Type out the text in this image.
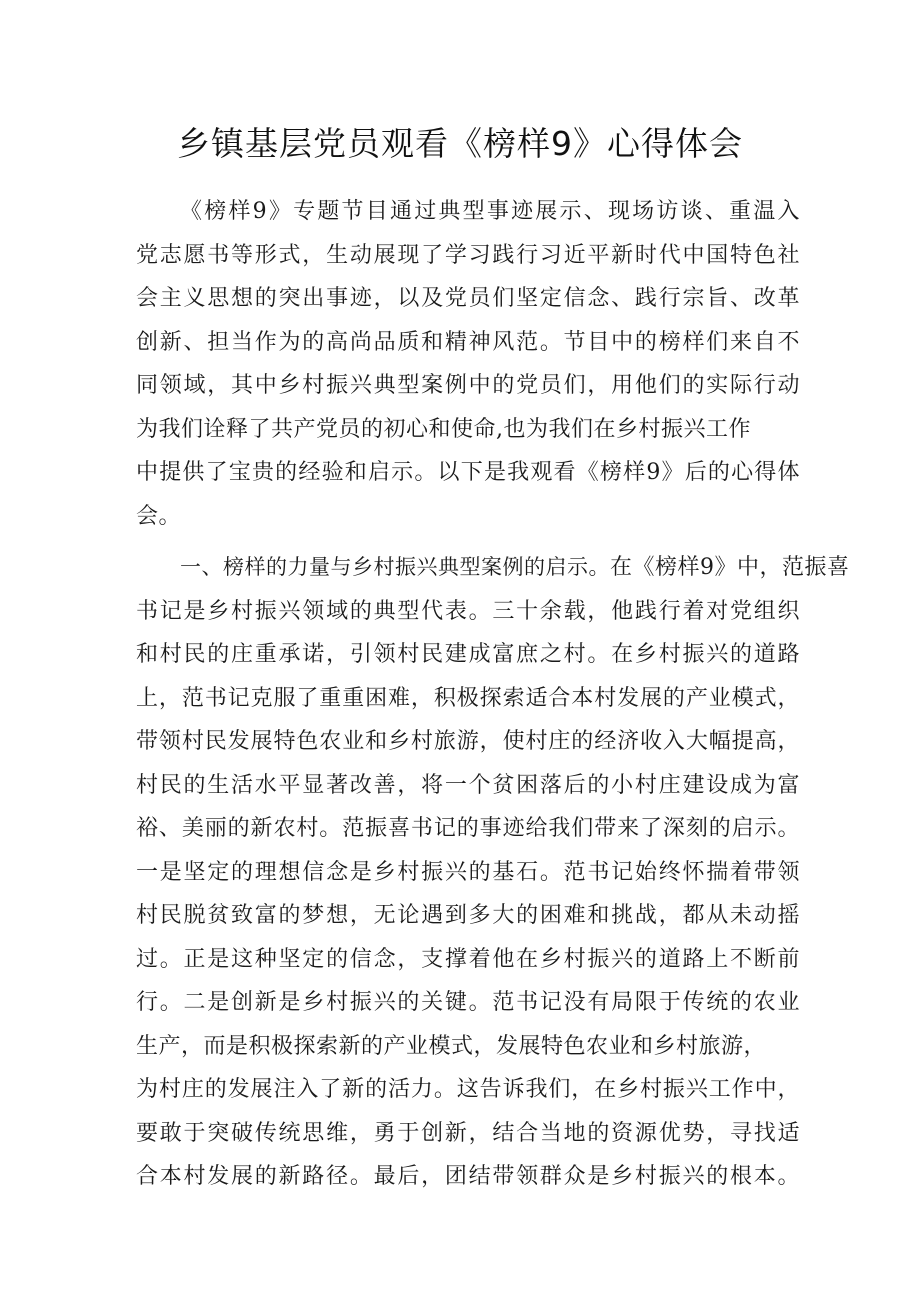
乡镇基层党员观看《榜样9》心得体会
《榜样9》专题节目通过典型事迹展示、现场访谈、重温入
党志愿书等形式，生动展现了学习践行习近平新时代中国特色社
会主义思想的突出事迹，以及党员们坚定信念、践行宗旨、改革
创新、担当作为的高尚品质和精神风范。节目中的榜样们来自不
同领域，其中乡村振兴典型案例中的党员们，用他们的实际行动
为我们诠释了共产党员的初心和使命,也为我们在乡村振兴工作
中提供了宝贵的经验和启示。以下是我观看《榜样9》后的心得体
会。
一、榜样的力量与乡村振兴典型案例的启示。在《榜样9》中，范振喜
书记是乡村振兴领域的典型代表。三十余载，他践行着对党组织
和村民的庄重承诺，引领村民建成富庶之村。在乡村振兴的道路
上，范书记克服了重重困难，积极探索适合本村发展的产业模式，
带领村民发展特色农业和乡村旅游，使村庄的经济收入大幅提高，
村民的生活水平显著改善，将一个贫困落后的小村庄建设成为富
裕、美丽的新农村。范振喜书记的事迹给我们带来了深刻的启示。
一是坚定的理想信念是乡村振兴的基石。范书记始终怀揣着带领
村民脱贫致富的梦想，无论遇到多大的困难和挑战，都从未动摇
过。正是这种坚定的信念，支撑着他在乡村振兴的道路上不断前
行。二是创新是乡村振兴的关键。范书记没有局限于传统的农业
生产，而是积极探索新的产业模式，发展特色农业和乡村旅游，
为村庄的发展注入了新的活力。这告诉我们，在乡村振兴工作中，
要敢于突破传统思维，勇于创新，结合当地的资源优势，寻找适
合本村发展的新路径。最后，团结带领群众是乡村振兴的根本。
